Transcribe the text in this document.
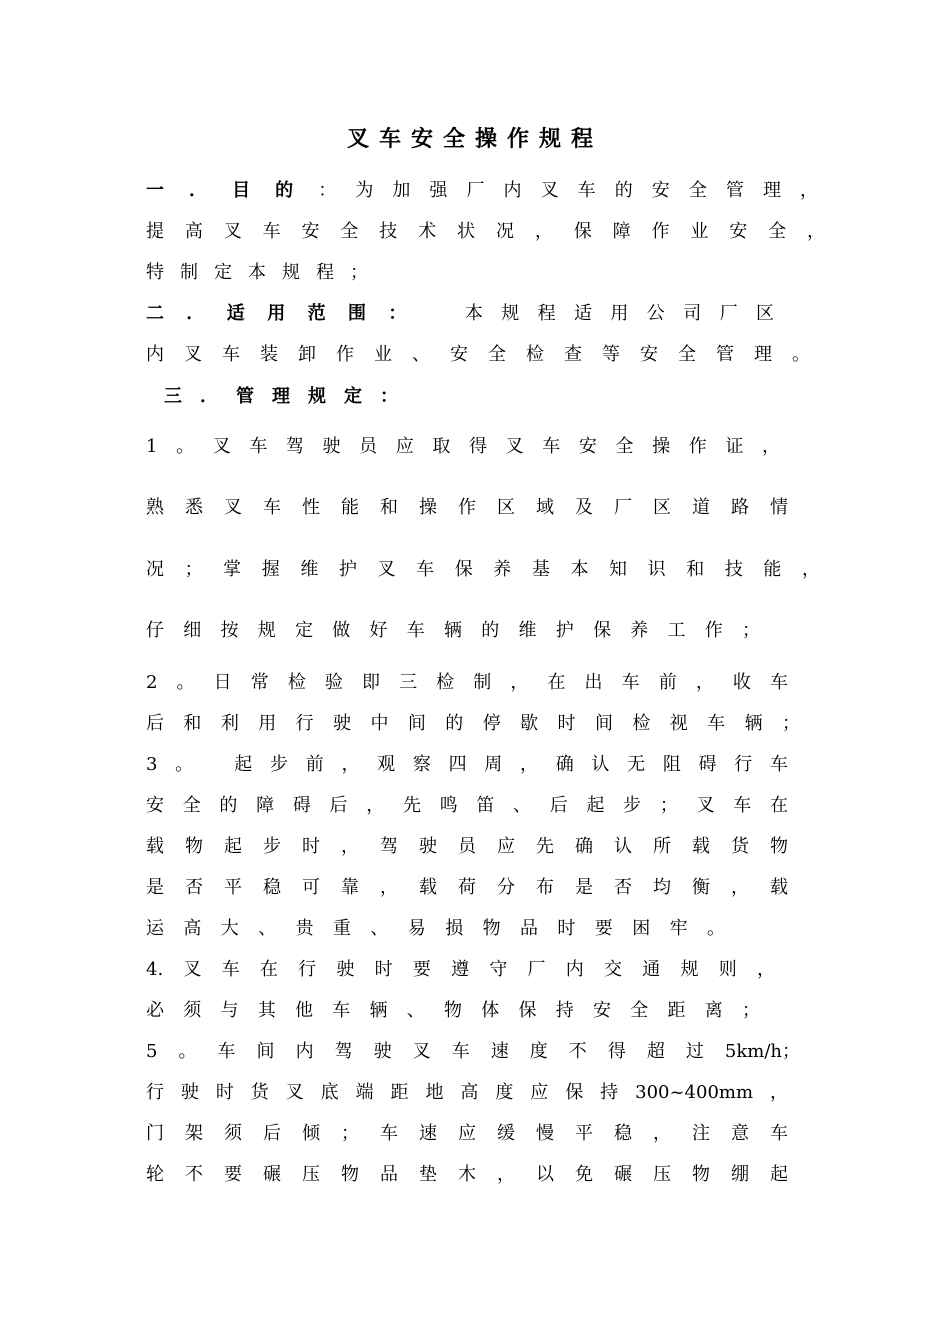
叉车安全操作规程
一．目的： 为加强厂内叉车的安全管理，
提高叉车安全技术状况，保障作业安全，
特制定本规程；
二．适用范围： 本规程适用公司厂区
内叉车装卸作业、安全检查等安全管理。
三．管理规定：
1。叉车驾驶员应取得叉车安全操作证，
熟悉叉车性能和操作区域及厂区道路情
况；掌握维护叉车保养基本知识和技能，
仔细按规定做好车辆的维护保养工作；
2。日常检验即三检制，在出车前，收车
后和利用行驶中间的停歇时间检视车辆；
3。 起步前，观察四周，确认无阻碍行车
安全的障碍后，先鸣笛、后起步；叉车在
载物起步时，驾驶员应先确认所载货物
是否平稳可靠，载荷分布是否均衡，载
运高大、贵重、易损物品时要困牢。
4.叉车在行驶时要遵守厂内交通规则，
必须与其他车辆、物体保持安全距离；
5。车间内驾驶叉车速度不得超过5km/h；
行驶时货叉底端距地高度应保持300~400mm，
门架须后倾；车速应缓慢平稳，注意车
轮不要碾压物品垫木，以免碾压物绷起
